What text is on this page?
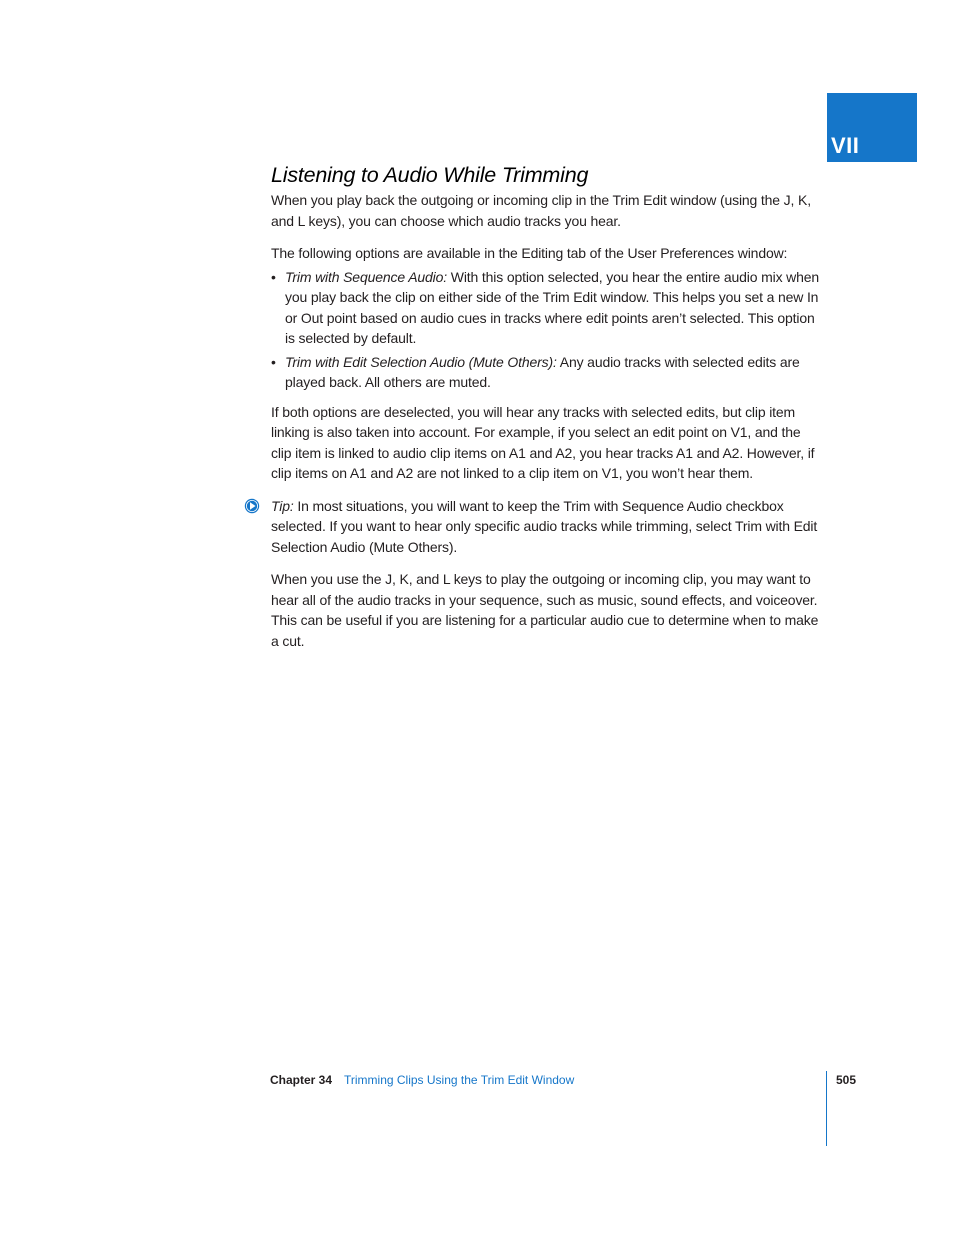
VII
Listening to Audio While Trimming

When you play back the outgoing or incoming clip in the Trim Edit window (using the J, K, and L keys), you can choose which audio tracks you hear.

The following options are available in the Editing tab of the User Preferences window:

• Trim with Sequence Audio: With this option selected, you hear the entire audio mix when you play back the clip on either side of the Trim Edit window. This helps you set a new In or Out point based on audio cues in tracks where edit points aren’t selected. This option is selected by default.
• Trim with Edit Selection Audio (Mute Others): Any audio tracks with selected edits are played back. All others are muted.

If both options are deselected, you will hear any tracks with selected edits, but clip item linking is also taken into account. For example, if you select an edit point on V1, and the clip item is linked to audio clip items on A1 and A2, you hear tracks A1 and A2. However, if clip items on A1 and A2 are not linked to a clip item on V1, you won’t hear them.

Tip: In most situations, you will want to keep the Trim with Sequence Audio checkbox selected. If you want to hear only specific audio tracks while trimming, select Trim with Edit Selection Audio (Mute Others).

When you use the J, K, and L keys to play the outgoing or incoming clip, you may want to hear all of the audio tracks in your sequence, such as music, sound effects, and voiceover. This can be useful if you are listening for a particular audio cue to determine when to make a cut.

Chapter 34 Trimming Clips Using the Trim Edit Window	505
